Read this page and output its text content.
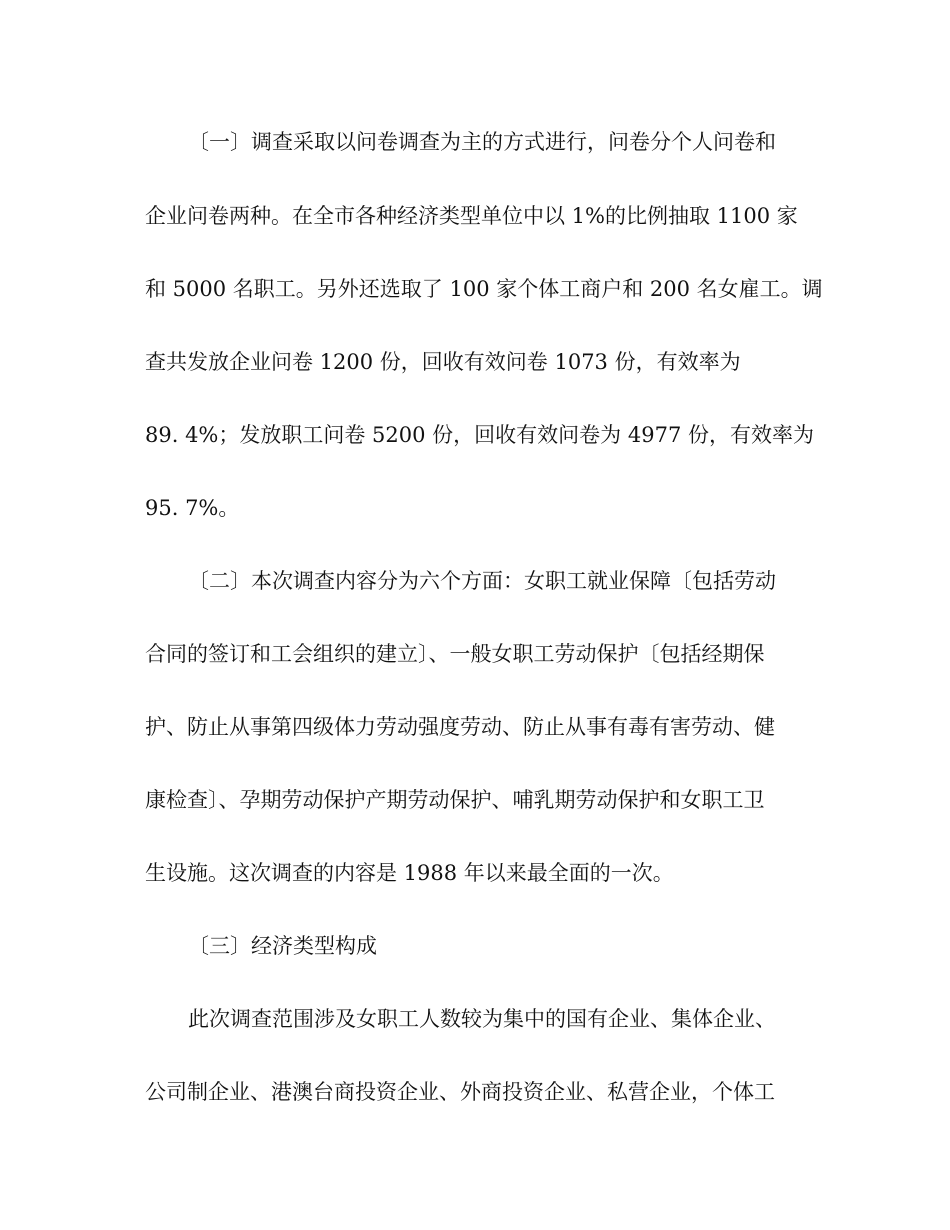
〔一〕调查采取以问卷调查为主的方式进行，问卷分个人问卷和
企业问卷两种。在全市各种经济类型单位中以 1%的比例抽取 1100 家
和 5000 名职工。另外还选取了 100 家个体工商户和 200 名女雇工。调
查共发放企业问卷 1200 份，回收有效问卷 1073 份，有效率为
89. 4%；发放职工问卷 5200 份，回收有效问卷为 4977 份，有效率为
95. 7%。
〔二〕本次调查内容分为六个方面：女职工就业保障〔包括劳动
合同的签订和工会组织的建立〕、一般女职工劳动保护〔包括经期保
护、防止从事第四级体力劳动强度劳动、防止从事有毒有害劳动、健
康检查〕、孕期劳动保护产期劳动保护、哺乳期劳动保护和女职工卫
生设施。这次调查的内容是 1988 年以来最全面的一次。
〔三〕经济类型构成
此次调查范围涉及女职工人数较为集中的国有企业、集体企业、
公司制企业、港澳台商投资企业、外商投资企业、私营企业，个体工
